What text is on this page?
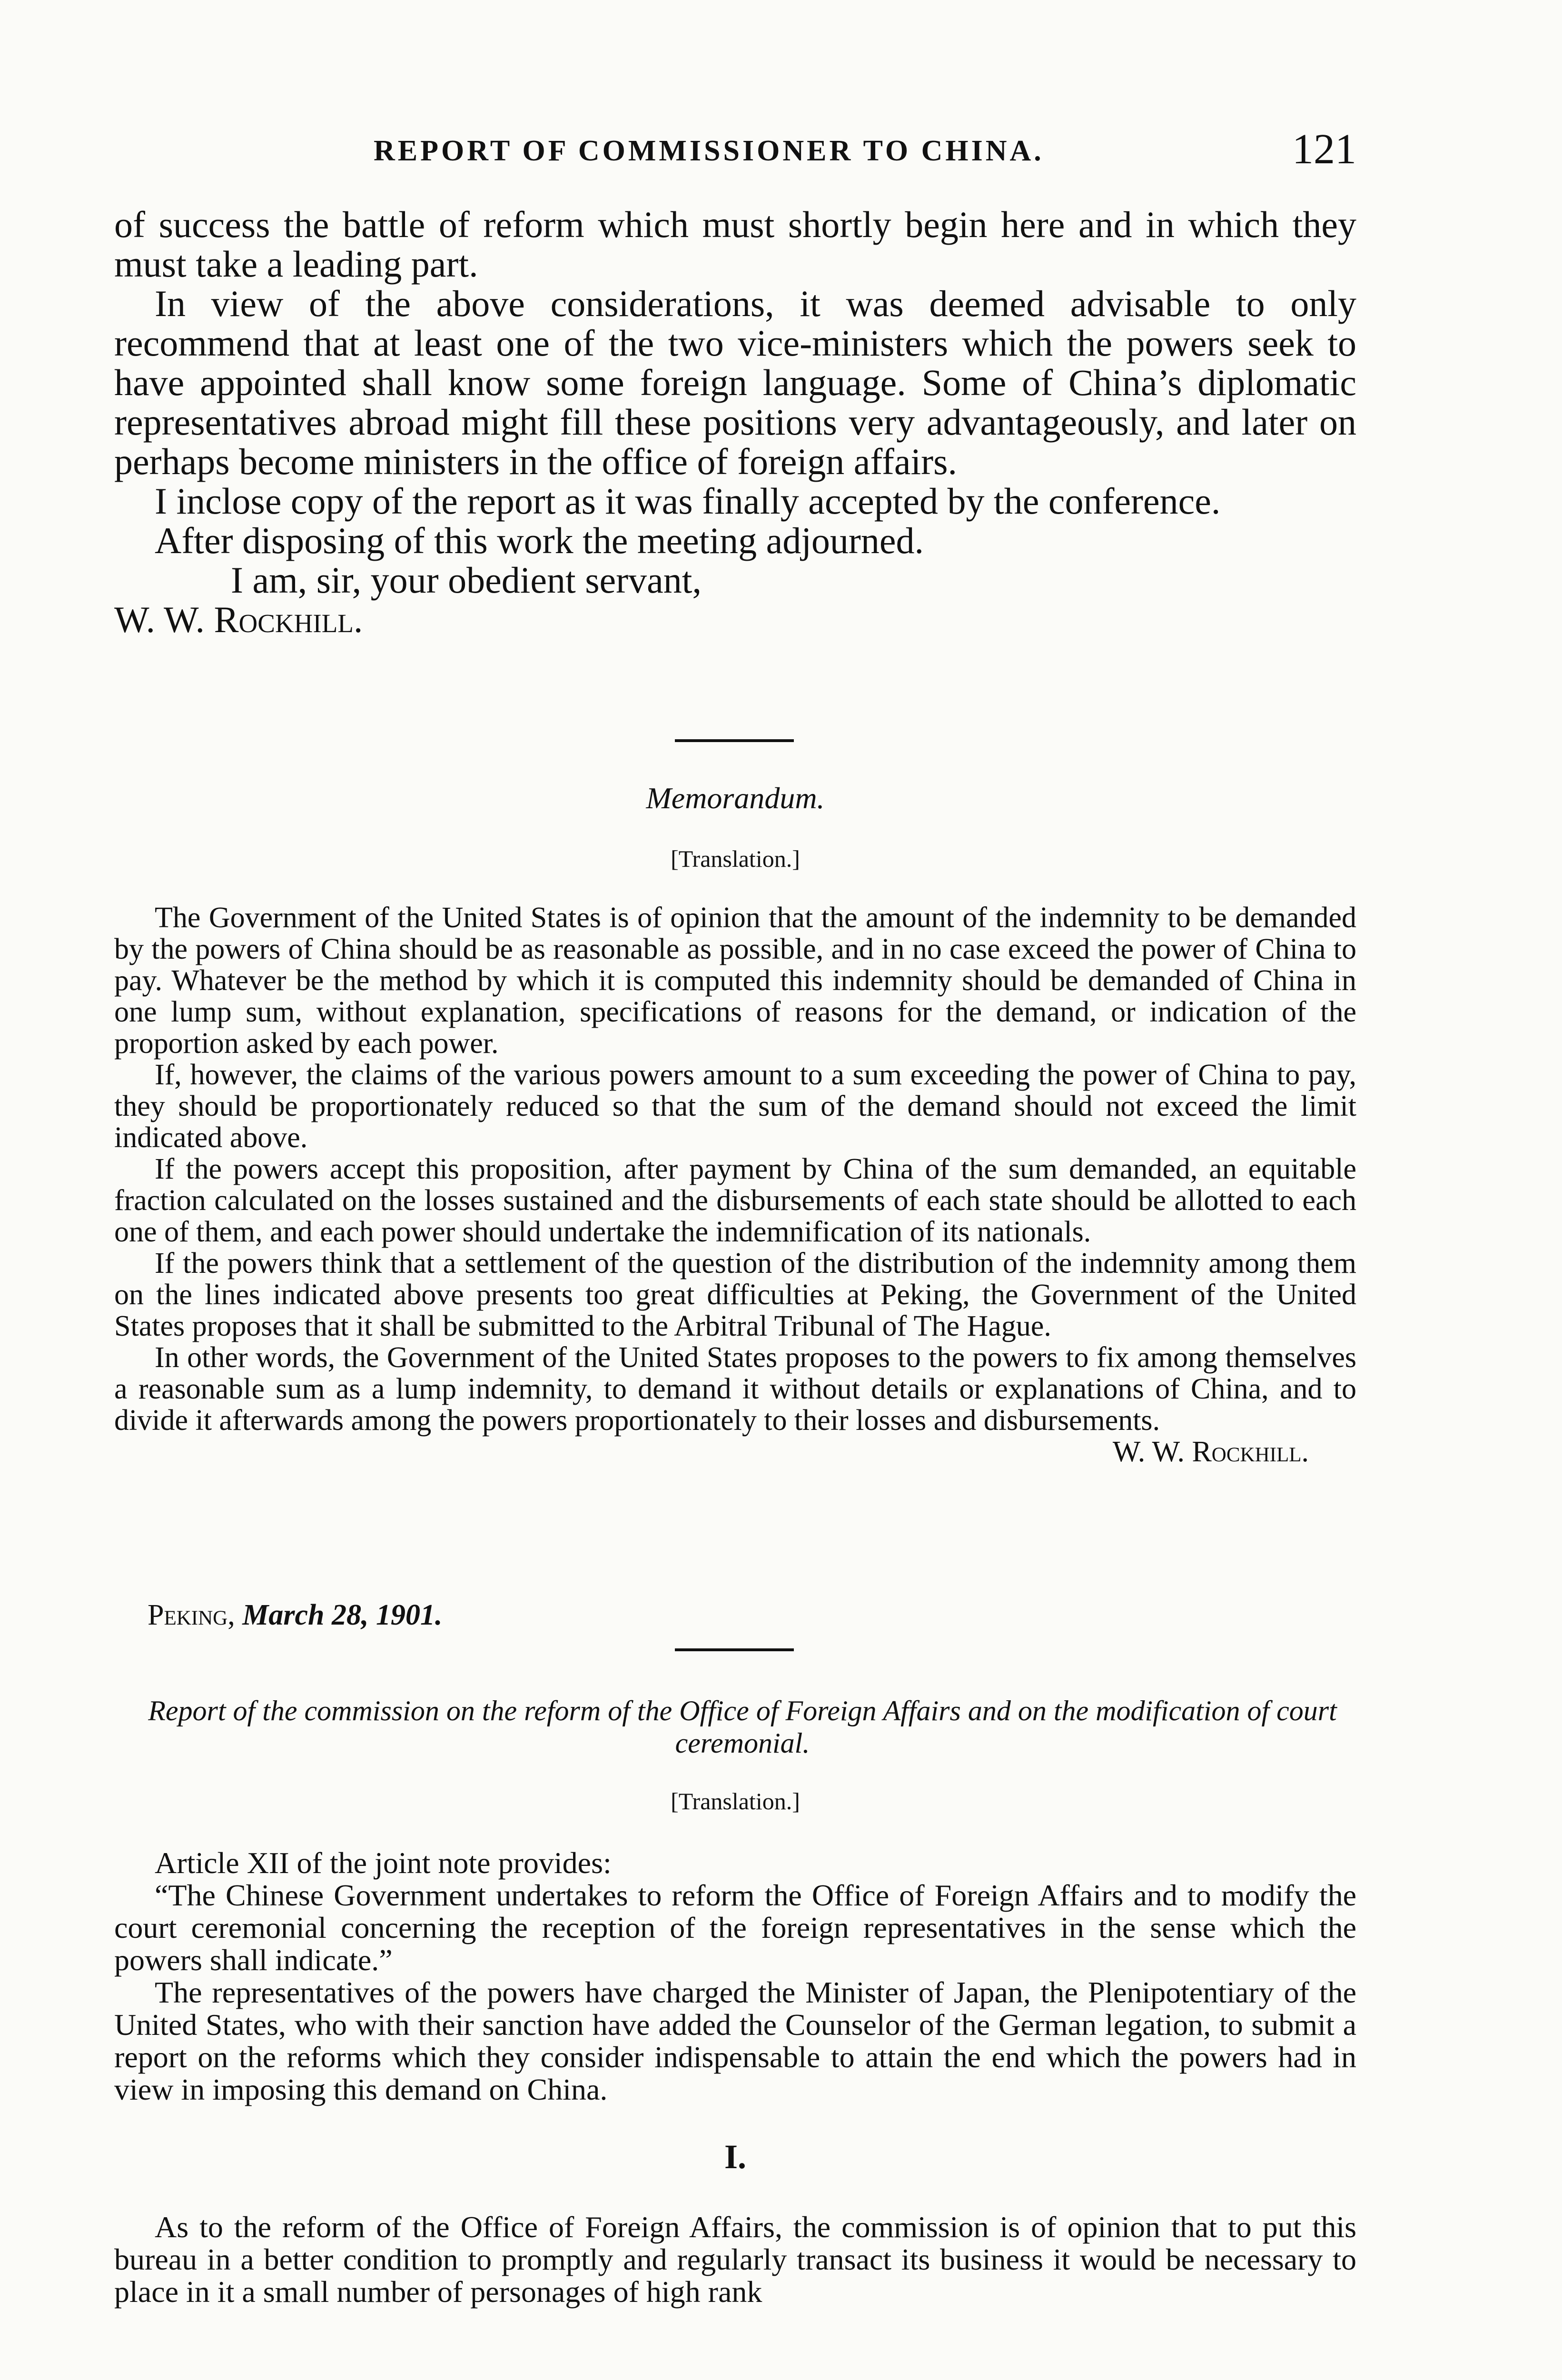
REPORT OF COMMISSIONER TO CHINA.	121

of success the battle of reform which must shortly begin here and in which they must take a leading part.

In view of the above considerations, it was deemed advisable to only recommend that at least one of the two vice-ministers which the powers seek to have appointed shall know some foreign language. Some of China’s diplomatic representatives abroad might fill these positions very advantageously, and later on perhaps become ministers in the office of foreign affairs.

I inclose copy of the report as it was finally accepted by the conference.

After disposing of this work the meeting adjourned.

I am, sir, your obedient servant,

W. W. Rockhill.

Memorandum.
[Translation.]

The Government of the United States is of opinion that the amount of the indemnity to be demanded by the powers of China should be as reasonable as possible, and in no case exceed the power of China to pay. Whatever be the method by which it is computed this indemnity should be demanded of China in one lump sum, without explanation, specifications of reasons for the demand, or indication of the proportion asked by each power.

If, however, the claims of the various powers amount to a sum exceeding the power of China to pay, they should be proportionately reduced so that the sum of the demand should not exceed the limit indicated above.

If the powers accept this proposition, after payment by China of the sum demanded, an equitable fraction calculated on the losses sustained and the disbursements of each state should be allotted to each one of them, and each power should undertake the indemnification of its nationals.

If the powers think that a settlement of the question of the distribution of the indemnity among them on the lines indicated above presents too great difficulties at Peking, the Government of the United States proposes that it shall be submitted to the Arbitral Tribunal of The Hague.

In other words, the Government of the United States proposes to the powers to fix among themselves a reasonable sum as a lump indemnity, to demand it without details or explanations of China, and to divide it afterwards among the powers proportionately to their losses and disbursements.

W. W. Rockhill.

Peking, March 28, 1901.
Report of the commission on the reform of the Office of Foreign Affairs and on the modification of court ceremonial.
[Translation.]

Article XII of the joint note provides:

“The Chinese Government undertakes to reform the Office of Foreign Affairs and to modify the court ceremonial concerning the reception of the foreign representatives in the sense which the powers shall indicate.”

The representatives of the powers have charged the Minister of Japan, the Plenipotentiary of the United States, who with their sanction have added the Counselor of the German legation, to submit a report on the reforms which they consider indispensable to attain the end which the powers had in view in imposing this demand on China.

I.

As to the reform of the Office of Foreign Affairs, the commission is of opinion that to put this bureau in a better condition to promptly and regularly transact its business it would be necessary to place in it a small number of personages of high rank
